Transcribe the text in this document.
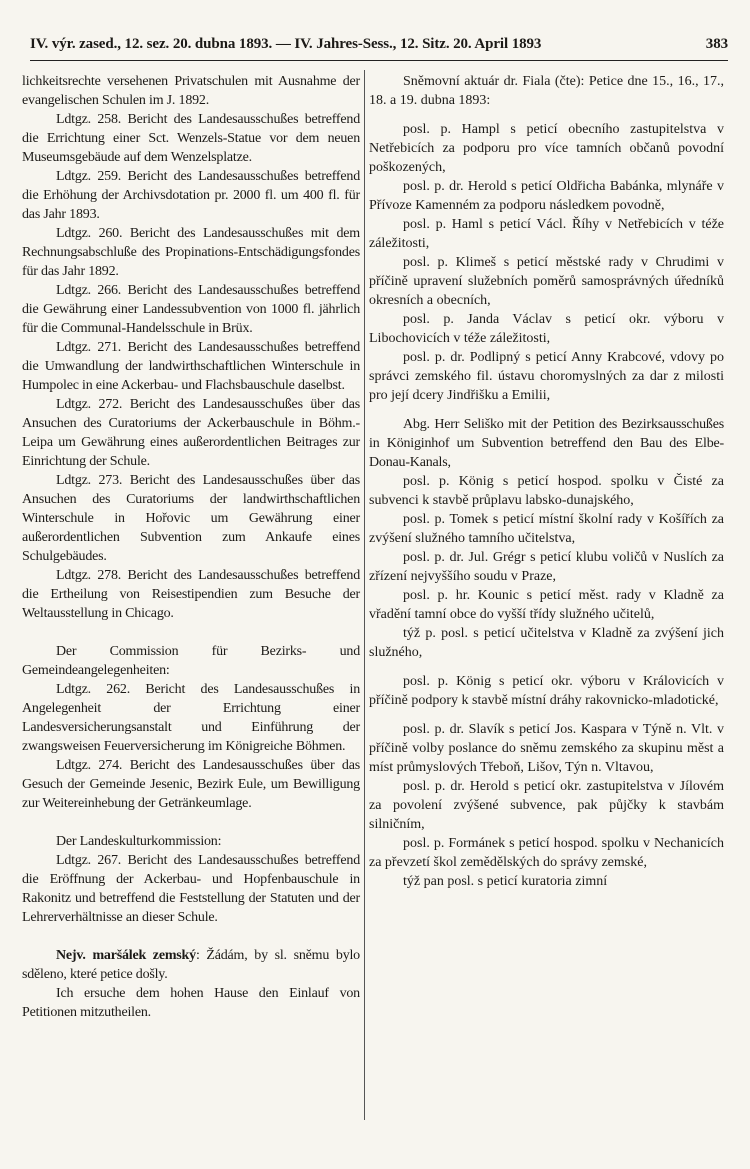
IV. výr. zased., 12. sez. 20. dubna 1893. — IV. Jahres-Sess., 12. Sitz. 20. April 1893	383

lichkeitsrechte versehenen Privatschulen mit Ausnahme der evangelischen Schulen im J. 1892.

Ldtgz. 258. Bericht des Landesausschußes betreffend die Errichtung einer Sct. Wenzels-Statue vor dem neuen Museumsgebäude auf dem Wenzelsplatze.

Ldtgz. 259. Bericht des Landesausschußes betreffend die Erhöhung der Archivsdotation pr. 2000 fl. um 400 fl. für das Jahr 1893.

Ldtgz. 260. Bericht des Landesausschußes mit dem Rechnungsabschluße des Propinations-Entschädigungsfondes für das Jahr 1892.

Ldtgz. 266. Bericht des Landesausschußes betreffend die Gewährung einer Landessubvention von 1000 fl. jährlich für die Communal-Handelsschule in Brüx.

Ldtgz. 271. Bericht des Landesausschußes betreffend die Umwandlung der landwirthschaftlichen Winterschule in Humpolec in eine Ackerbau- und Flachsbauschule daselbst.

Ldtgz. 272. Bericht des Landesausschußes über das Ansuchen des Curatoriums der Ackerbauschule in Böhm.-Leipa um Gewährung eines außerordentlichen Beitrages zur Einrichtung der Schule.

Ldtgz. 273. Bericht des Landesausschußes über das Ansuchen des Curatoriums der landwirthschaftlichen Winterschule in Hořovic um Gewährung einer außerordentlichen Subvention zum Ankaufe eines Schulgebäudes.

Ldtgz. 278. Bericht des Landesausschußes betreffend die Ertheilung von Reisestipendien zum Besuche der Weltausstellung in Chicago.

Der Commission für Bezirks- und Gemeindeangelegenheiten:

Ldtgz. 262. Bericht des Landesausschußes in Angelegenheit der Errichtung einer Landesversicherungsanstalt und Einführung der zwangsweisen Feuerversicherung im Königreiche Böhmen.

Ldtgz. 274. Bericht des Landesausschußes über das Gesuch der Gemeinde Jesenic, Bezirk Eule, um Bewilligung zur Weitereinhebung der Getränkeumlage.

Der Landeskulturkommission:

Ldtgz. 267. Bericht des Landesausschußes betreffend die Eröffnung der Ackerbau- und Hopfenbauschule in Rakonitz und betreffend die Feststellung der Statuten und der Lehrerverhältnisse an dieser Schule.

Nejv. maršálek zemský: Žádám, by sl. sněmu bylo sděleno, které petice došly.

Ich ersuche dem hohen Hause den Einlauf von Petitionen mitzutheilen.

Sněmovní aktuár dr. Fiala (čte): Petice dne 15., 16., 17., 18. a 19. dubna 1893:

posl. p. Hampl s peticí obecního zastupitelstva v Netřebicích za podporu pro více tamních občanů povodní poškozených,

posl. p. dr. Herold s peticí Oldřicha Babánka, mlynáře v Přívoze Kamenném za podporu následkem povodně,

posl. p. Haml s peticí Václ. Říhy v Netřebicích v téže záležitosti,

posl. p. Klimeš s peticí městské rady v Chrudimi v příčině upravení služebních poměrů samosprávných úředníků okresních a obecních,

posl. p. Janda Václav s peticí okr. výboru v Libochovicích v téže záležitosti,

posl. p. dr. Podlipný s peticí Anny Krabcové, vdovy po správci zemského fil. ústavu choromyslných za dar z milosti pro její dcery Jindřišku a Emilii,

Abg. Herr Seliško mit der Petition des Bezirksausschußes in Königinhof um Subvention betreffend den Bau des Elbe-Donau-Kanals,

posl. p. König s peticí hospod. spolku v Čisté za subvenci k stavbě průplavu labsko-dunajského,

posl. p. Tomek s peticí místní školní rady v Košířích za zvýšení služného tamního učitelstva,

posl. p. dr. Jul. Grégr s peticí klubu voličů v Nuslích za zřízení nejvyššího soudu v Praze,

posl. p. hr. Kounic s peticí měst. rady v Kladně za vřadění tamní obce do vyšší třídy služného učitelů,

týž p. posl. s peticí učitelstva v Kladně za zvýšení jich služného,

posl. p. König s peticí okr. výboru v Královicích v příčině podpory k stavbě místní dráhy rakovnicko-mladotické,

posl. p. dr. Slavík s peticí Jos. Kaspara v Týně n. Vlt. v příčině volby poslance do sněmu zemského za skupinu měst a míst průmyslových Třeboň, Lišov, Týn n. Vltavou,

posl. p. dr. Herold s peticí okr. zastupitelstva v Jílovém za povolení zvýšené subvence, pak půjčky k stavbám silničním,

posl. p. Formánek s peticí hospod. spolku v Nechanicích za převzetí škol zemědělských do správy zemské,

týž pan posl. s peticí kuratoria zimní
